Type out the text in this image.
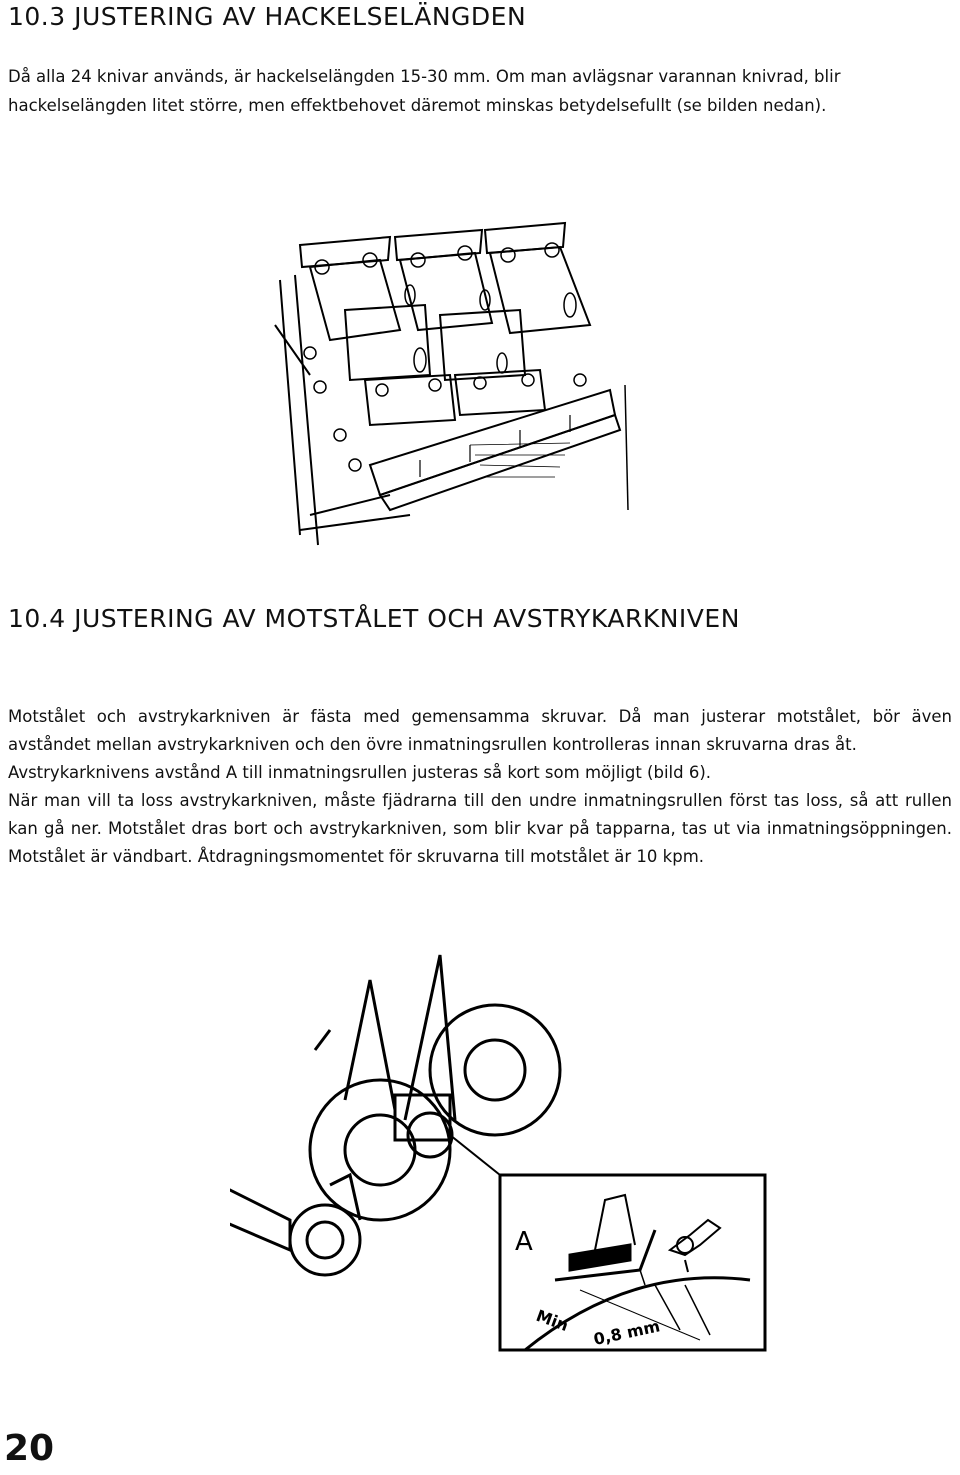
10.3 JUSTERING AV HACKELSELÄNGDEN

Då alla 24 knivar används, är hackelselängden 15-30 mm. Om man avlägsnar varannan knivrad, blir hackelselängden litet större, men effektbehovet däremot minskas betydelsefullt (se bilden nedan).

10.4 JUSTERING AV MOTSTÅLET OCH AVSTRYKARKNIVEN
Motstålet och avstrykarkniven är fästa med gemensamma skruvar. Då man justerar motstålet, bör även avståndet mellan avstrykarkniven och den övre inmatningsrullen kontrolleras innan skruvarna dras åt.
Avstrykarknivens avstånd A till inmatningsrullen justeras så kort som möjligt (bild 6).
När man vill ta loss avstrykarkniven, måste fjädrarna till den undre inmatningsrullen först tas loss, så att rullen kan gå ner. Motstålet dras bort och avstrykarkniven, som blir kvar på tapparna, tas ut via inmatningsöppningen. Motstålet är vändbart. Åtdragningsmomentet för skruvarna till motstålet är 10 kpm.
A
Min 0,8 mm

20
